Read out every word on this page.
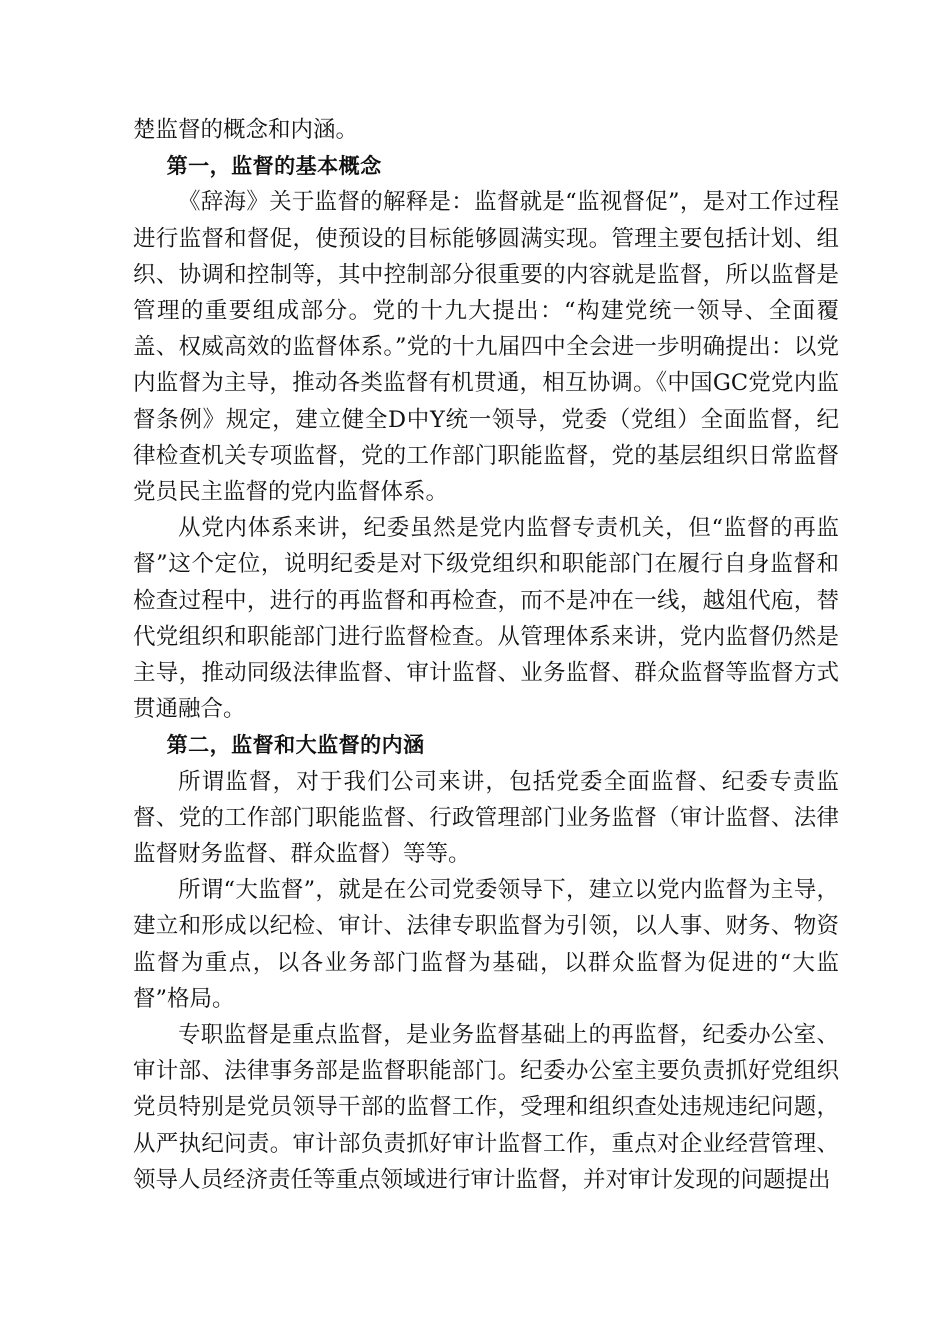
楚监督的概念和内涵。

第一，监督的基本概念

《辞海》关于监督的解释是：监督就是“监视督促”，是对工作过程进行监督和督促，使预设的目标能够圆满实现。管理主要包括计划、组织、协调和控制等，其中控制部分很重要的内容就是监督，所以监督是管理的重要组成部分。党的十九大提出：“构建党统一领导、全面覆盖、权威高效的监督体系。”党的十九届四中全会进一步明确提出：以党内监督为主导，推动各类监督有机贯通，相互协调。《中国GC党党内监督条例》规定，建立健全D中Y统一领导，党委（党组）全面监督，纪律检查机关专项监督，党的工作部门职能监督，党的基层组织日常监督党员民主监督的党内监督体系。

从党内体系来讲，纪委虽然是党内监督专责机关，但“监督的再监督”这个定位，说明纪委是对下级党组织和职能部门在履行自身监督和检查过程中，进行的再监督和再检查，而不是冲在一线，越俎代庖，替代党组织和职能部门进行监督检查。从管理体系来讲，党内监督仍然是主导，推动同级法律监督、审计监督、业务监督、群众监督等监督方式贯通融合。

第二，监督和大监督的内涵

所谓监督，对于我们公司来讲，包括党委全面监督、纪委专责监督、党的工作部门职能监督、行政管理部门业务监督（审计监督、法律监督财务监督、群众监督）等等。

所谓“大监督”，就是在公司党委领导下，建立以党内监督为主导，建立和形成以纪检、审计、法律专职监督为引领，以人事、财务、物资监督为重点，以各业务部门监督为基础，以群众监督为促进的“大监督”格局。

专职监督是重点监督，是业务监督基础上的再监督，纪委办公室、审计部、法律事务部是监督职能部门。纪委办公室主要负责抓好党组织党员特别是党员领导干部的监督工作，受理和组织查处违规违纪问题，从严执纪问责。审计部负责抓好审计监督工作，重点对企业经营管理、领导人员经济责任等重点领域进行审计监督，并对审计发现的问题提出
